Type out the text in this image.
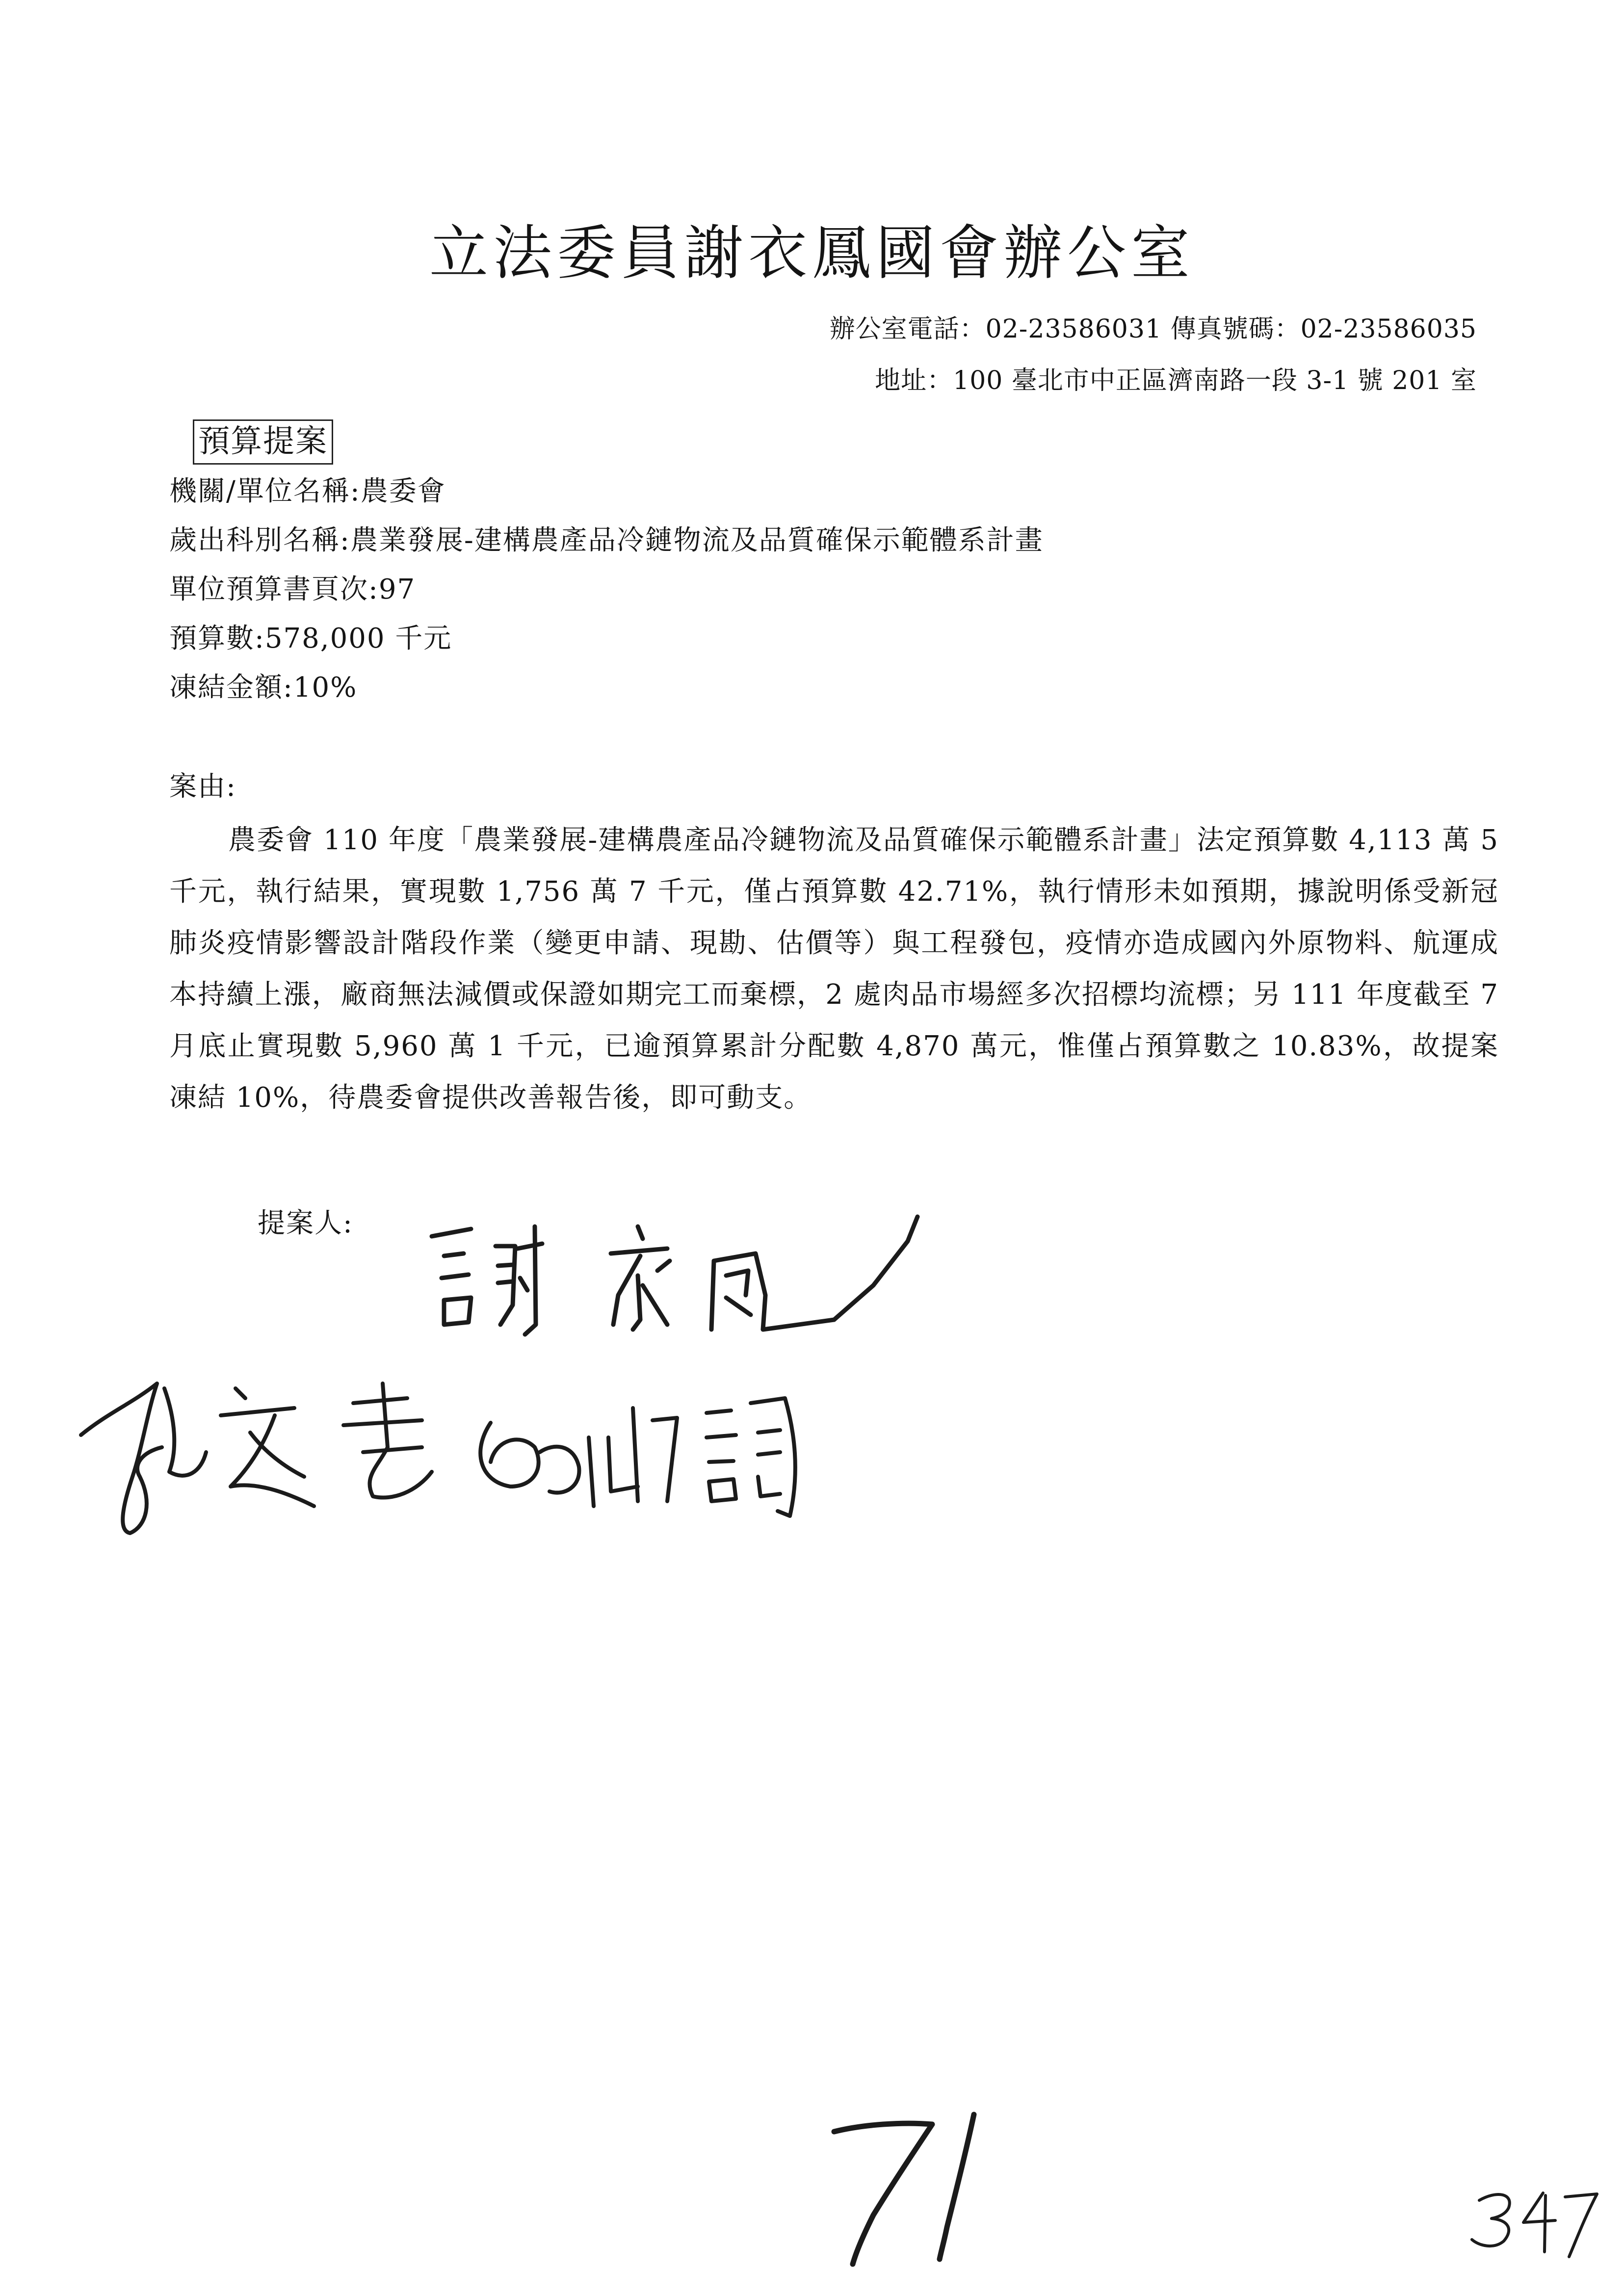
立法委員謝衣鳳國會辦公室
辦公室電話：02-23586031 傳真號碼：02-23586035
地址：100 臺北市中正區濟南路一段 3-1 號 201 室
預算提案
機關/單位名稱:農委會
歲出科別名稱:農業發展-建構農產品冷鏈物流及品質確保示範體系計畫
單位預算書頁次:97
預算數:578,000 千元
凍結金額:10%
案由:

農委會 110 年度「農業發展-建構農產品冷鏈物流及品質確保示範體系計畫」法定預算數 4,113 萬 5 千元，執行結果，實現數 1,756 萬 7 千元，僅占預算數 42.71%，執行情形未如預期，據說明係受新冠肺炎疫情影響設計階段作業（變更申請、現勘、估價等）與工程發包，疫情亦造成國內外原物料、航運成本持續上漲，廠商無法減價或保證如期完工而棄標，2 處肉品市場經多次招標均流標；另 111 年度截至 7 月底止實現數 5,960 萬 1 千元，已逾預算累計分配數 4,870 萬元，惟僅占預算數之 10.83%，故提案凍結 10%，待農委會提供改善報告後，即可動支。

提案人:
